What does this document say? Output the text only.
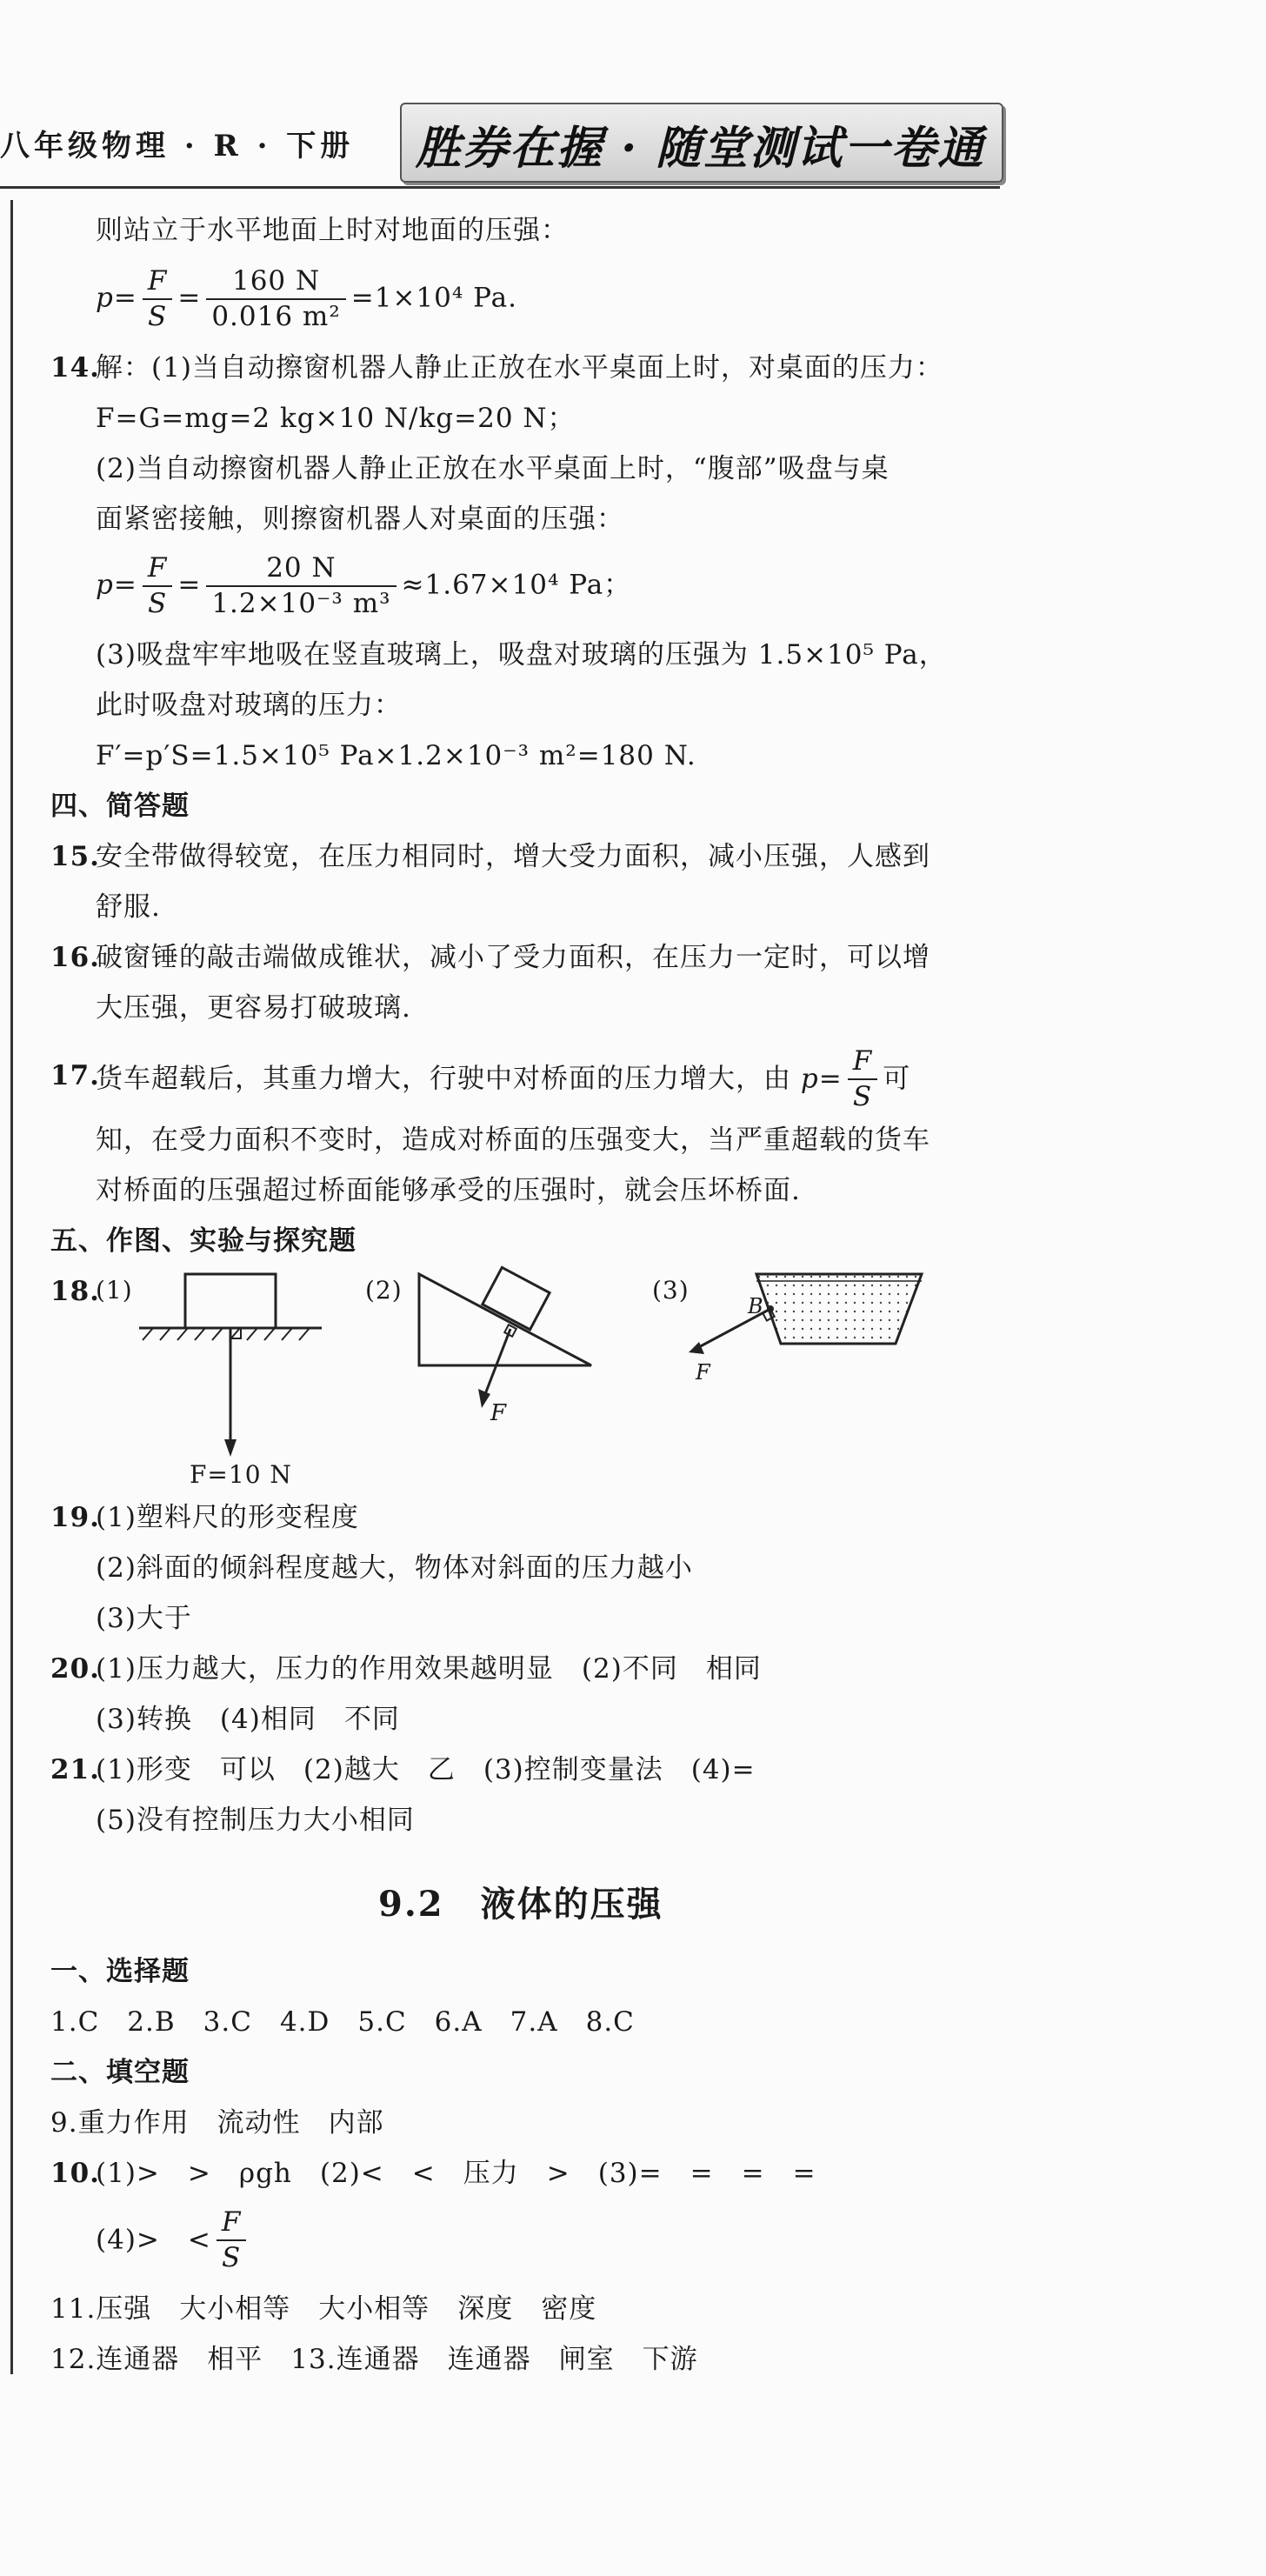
八年级物理 · R · 下册 胜券在握 · 随堂测试一卷通
则站立于水平地面上时对地面的压强：
$p= \frac{F}{S} = \frac{160 N}{\text{0.016 m²}} =1\times 10^4$ Pa.
14.
解：(1)当自动擦窗机器人静止正放在水平桌面上时，对桌面的压力：
F=G=mg=2 kg×10 N/kg=20 N；
(2)当自动擦窗机器人静止正放在水平桌面上时，“腹部”吸盘与桌
面紧密接触，则擦窗机器人对桌面的压强：
$p= \frac{F}{S} = \frac{20 N}{\text{1.2×10⁻³ m³}} \approx 1.67\times 10^4$ Pa；
(3)吸盘牢牢地吸在竖直玻璃上，吸盘对玻璃的压强为 1.5×10⁵ Pa，
此时吸盘对玻璃的压力：
F′=p′S=1.5×10⁵ Pa×1.2×10⁻³ m²=180 N.
四、简答题
15.
安全带做得较宽，在压力相同时，增大受力面积，减小压强，人感到
舒服.
16.
破窗锤的敲击端做成锥状，减小了受力面积，在压力一定时，可以增
大压强，更容易打破玻璃.
17.
货车超载后，其重力增大，行驶中对桥面的压力增大，由 $p= \frac{F}{S}$ 可
知，在受力面积不变时，造成对桥面的压强变大，当严重超载的货车
对桥面的压强超过桥面能够承受的压强时，就会压坏桥面.
五、作图、实验与探究题
18.
(1)	(2)	(3)
F=10 N
F
B
F
19.
(1)塑料尺的形变程度
(2)斜面的倾斜程度越大，物体对斜面的压力越小
(3)大于
20.
(1)压力越大，压力的作用效果越明显　(2)不同　相同
(3)转换　(4)相同　不同
21.
(1)形变　可以　(2)越大　乙　(3)控制变量法　(4)=
(5)没有控制压力大小相同
9.2　液体的压强
一、选择题
1.C　2.B　3.C　4.D　5.C　6.A　7.A　8.C
二、填空题
9.重力作用　流动性　内部
10.
(1)>　>　ρgh　(2)<　<　压力　>　(3)=　=　=　=
(4)>　< $\frac{F}{S}$
11.压强　大小相等　大小相等　深度　密度
12.连通器　相平　13.连通器　连通器　闸室　下游
